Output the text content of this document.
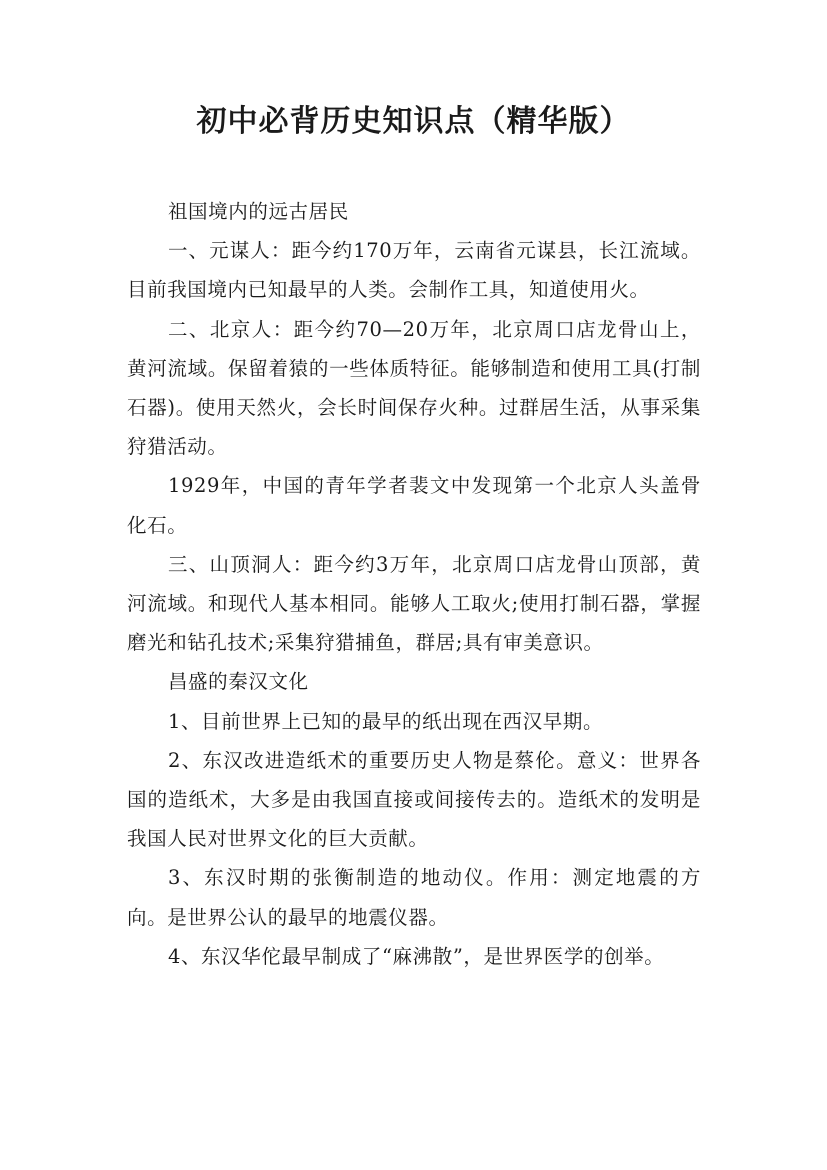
初中必背历史知识点（精华版）

祖国境内的远古居民

一、元谋人：距今约170万年，云南省元谋县，长江流域。目前我国境内已知最早的人类。会制作工具，知道使用火。

二、北京人：距今约70—20万年，北京周口店龙骨山上，黄河流域。保留着猿的一些体质特征。能够制造和使用工具(打制石器)。使用天然火，会长时间保存火种。过群居生活，从事采集狩猎活动。

1929年，中国的青年学者裴文中发现第一个北京人头盖骨化石。

三、山顶洞人：距今约3万年，北京周口店龙骨山顶部，黄河流域。和现代人基本相同。能够人工取火;使用打制石器，掌握磨光和钻孔技术;采集狩猎捕鱼，群居;具有审美意识。

昌盛的秦汉文化

1、目前世界上已知的最早的纸出现在西汉早期。

2、东汉改进造纸术的重要历史人物是蔡伦。意义：世界各国的造纸术，大多是由我国直接或间接传去的。造纸术的发明是我国人民对世界文化的巨大贡献。

3、东汉时期的张衡制造的地动仪。作用：测定地震的方向。是世界公认的最早的地震仪器。

4、东汉华佗最早制成了“麻沸散”，是世界医学的创举。
